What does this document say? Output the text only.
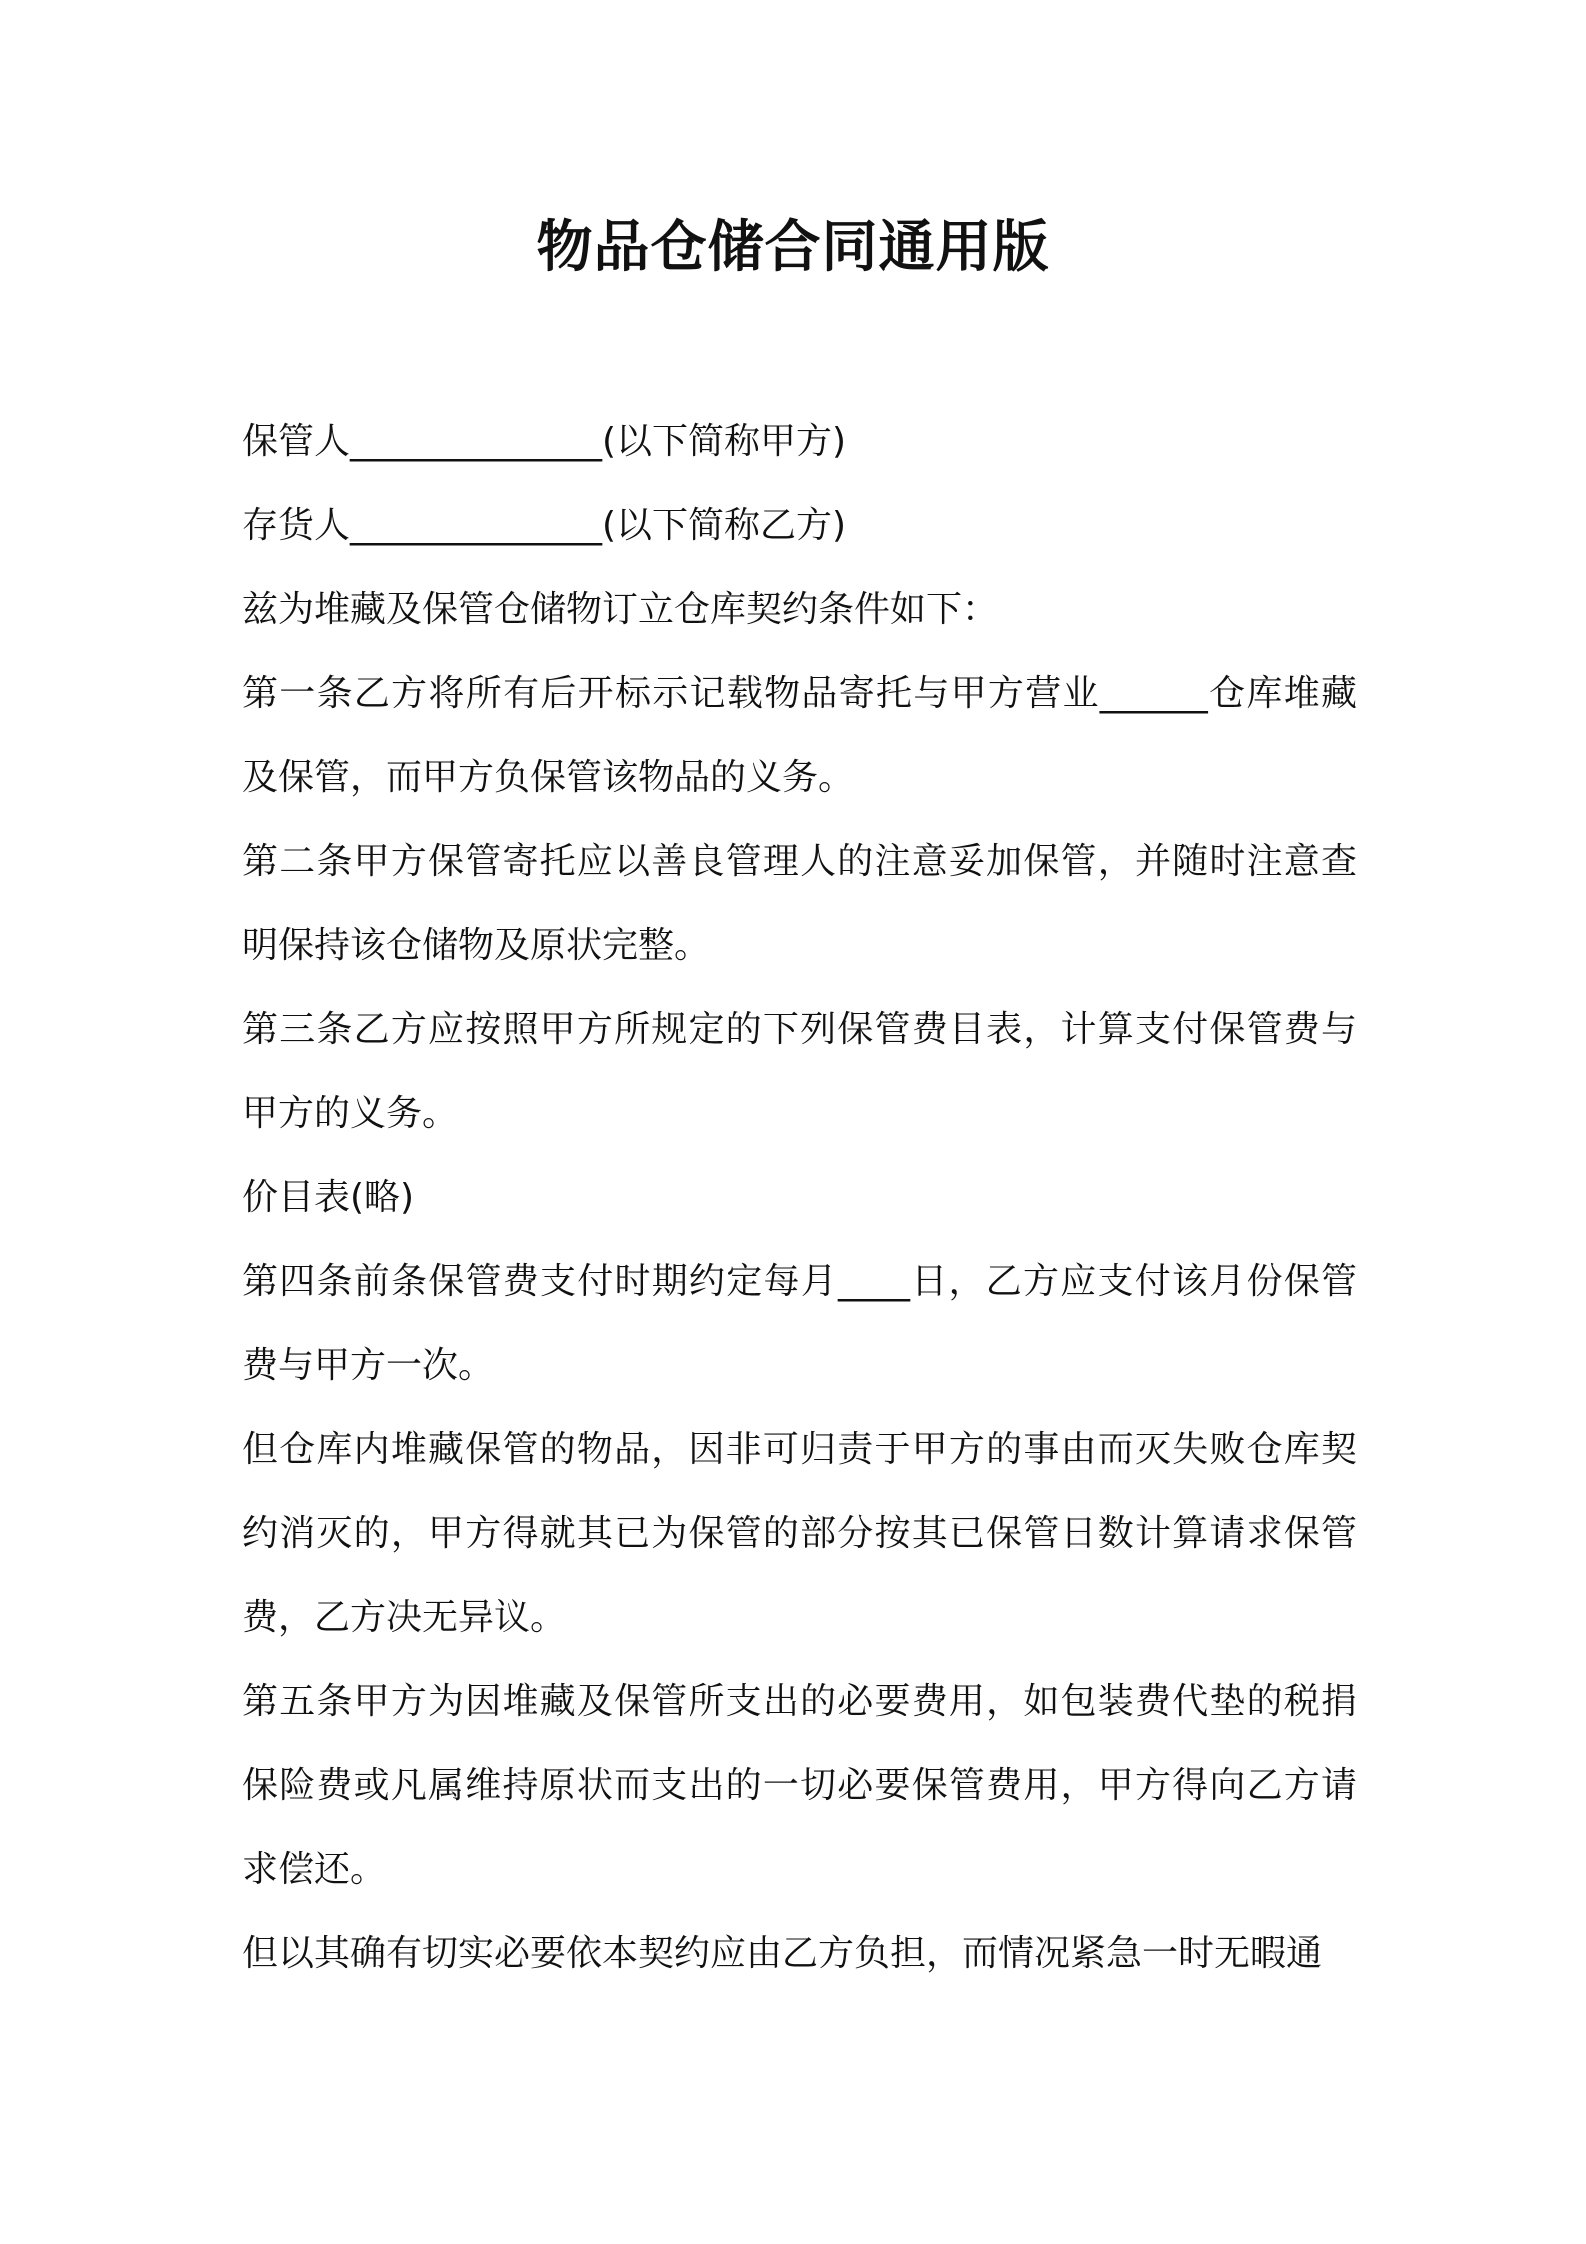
物品仓储合同通用版

保管人______________(以下简称甲方)

存货人______________(以下简称乙方)

兹为堆藏及保管仓储物订立仓库契约条件如下：

第一条乙方将所有后开标示记载物品寄托与甲方营业______仓库堆藏及保管，而甲方负保管该物品的义务。

第二条甲方保管寄托应以善良管理人的注意妥加保管，并随时注意查明保持该仓储物及原状完整。

第三条乙方应按照甲方所规定的下列保管费目表，计算支付保管费与甲方的义务。

价目表(略)

第四条前条保管费支付时期约定每月____日，乙方应支付该月份保管费与甲方一次。

但仓库内堆藏保管的物品，因非可归责于甲方的事由而灭失败仓库契约消灭的，甲方得就其已为保管的部分按其已保管日数计算请求保管费，乙方决无异议。

第五条甲方为因堆藏及保管所支出的必要费用，如包装费代垫的税捐保险费或凡属维持原状而支出的一切必要保管费用，甲方得向乙方请求偿还。

但以其确有切实必要依本契约应由乙方负担，而情况紧急一时无暇通
